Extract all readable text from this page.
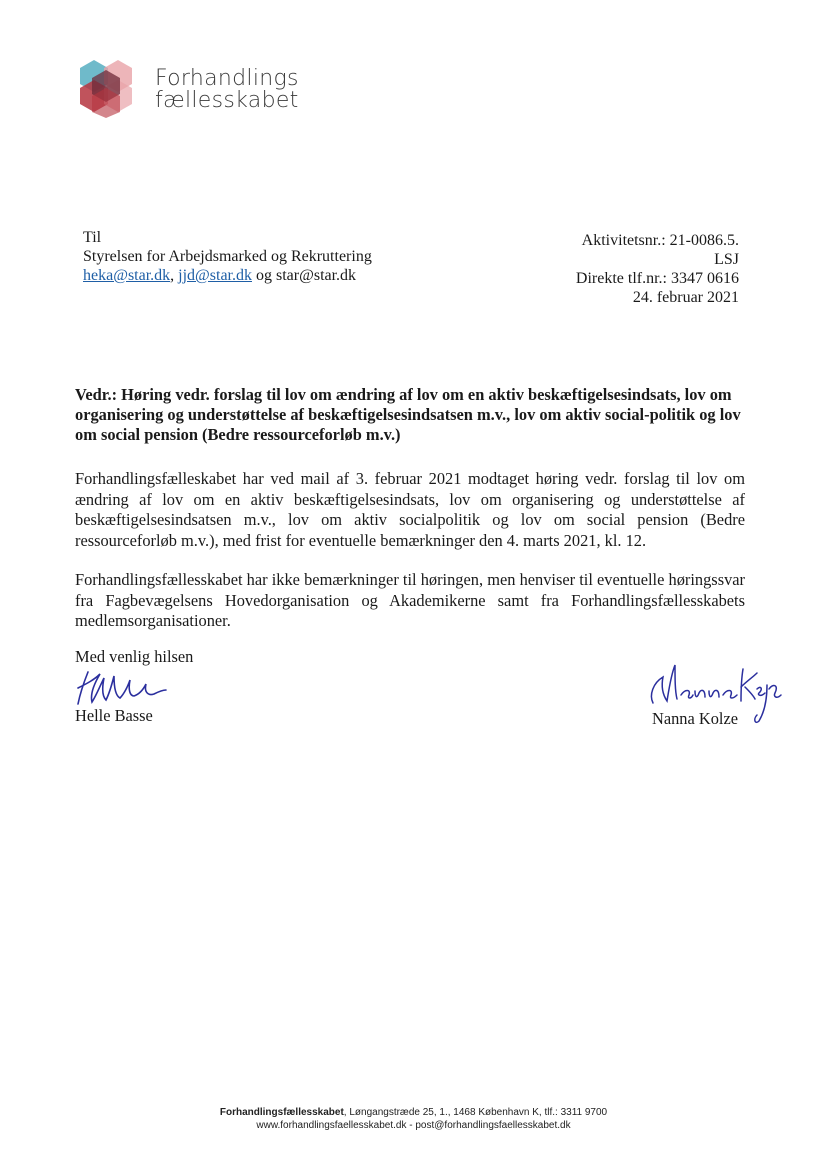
Forhandlings
fællesskabet
Til
Styrelsen for Arbejdsmarked og Rekruttering
heka@star.dk, jjd@star.dk og star@star.dk
Aktivitetsnr.: 21-0086.5.
LSJ
Direkte tlf.nr.: 3347 0616
24. februar 2021
Vedr.: Høring vedr. forslag til lov om ændring af lov om en aktiv beskæftigelsesindsats, lov om organisering og understøttelse af beskæftigelsesindsatsen m.v., lov om aktiv social-politik og lov om social pension (Bedre ressourceforløb m.v.)
Forhandlingsfælleskabet har ved mail af 3. februar 2021 modtaget høring vedr. forslag til lov om ændring af lov om en aktiv beskæftigelsesindsats, lov om organisering og understøttelse af beskæftigelsesindsatsen m.v., lov om aktiv socialpolitik og lov om social pension (Bedre ressourceforløb m.v.), med frist for eventuelle bemærkninger den 4. marts 2021, kl. 12.
Forhandlingsfællesskabet har ikke bemærkninger til høringen, men henviser til eventuelle høringssvar fra Fagbevægelsens Hovedorganisation og Akademikerne samt fra Forhandlingsfællesskabets medlemsorganisationer.
Med venlig hilsen
Helle Basse	Nanna Kolze
Forhandlingsfællesskabet, Løngangstræde 25, 1., 1468 København K, tlf.: 3311 9700
www.forhandlingsfaellesskabet.dk - post@forhandlingsfaellesskabet.dk
